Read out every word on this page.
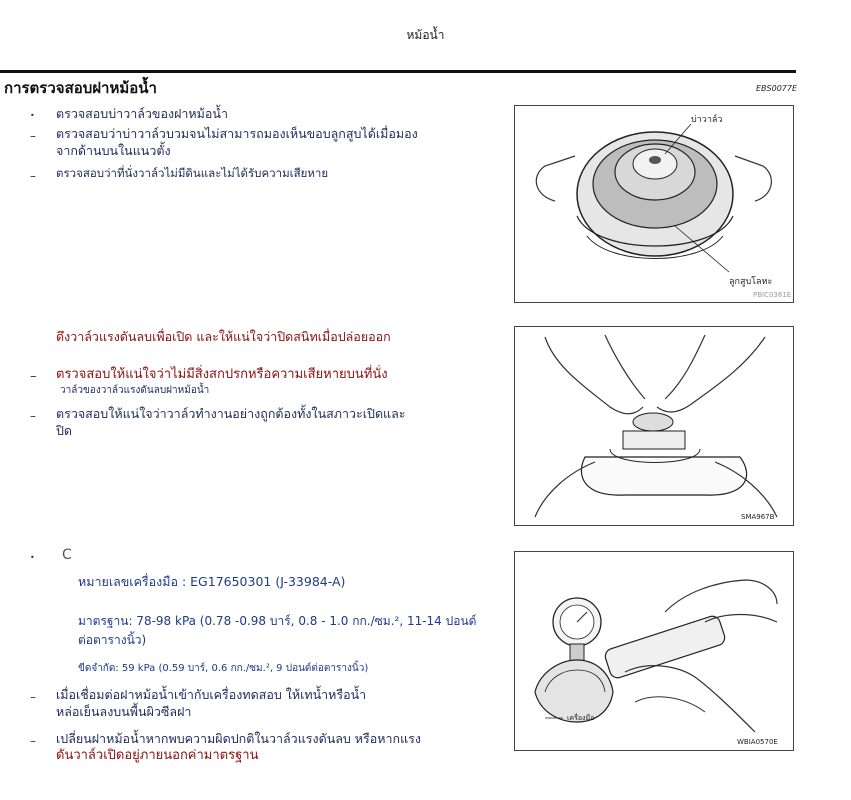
หม้อน้ำ
การตรวจสอบฝาหม้อน้ำ	EBS0077E
• ตรวจสอบบ่าวาล์วของฝาหม้อน้ำ
– ตรวจสอบว่าบ่าวาล์วบวมจนไม่สามารถมองเห็นขอบลูกสูบได้เมื่อมอง
จากด้านบนในแนวตั้ง
– ตรวจสอบว่าที่นั่งวาล์วไม่มีดินและไม่ได้รับความเสียหาย
บ่าวาล์ว
ลูกสูบโลหะ
PBIC0361E
ดึงวาล์วแรงดันลบเพื่อเปิด และให้แน่ใจว่าปิดสนิทเมื่อปล่อยออก
– ตรวจสอบให้แน่ใจว่าไม่มีสิ่งสกปรกหรือความเสียหายบนที่นั่ง
วาล์วของวาล์วแรงดันลบฝาหม้อน้ำ
– ตรวจสอบให้แน่ใจว่าวาล์วทำงานอย่างถูกต้องทั้งในสภาวะเปิดและ
ปิด
SMA967B
• C
หมายเลขเครื่องมือ : EG17650301 (J-33984-A)
มาตรฐาน: 78-98 kPa (0.78 -0.98 บาร์, 0.8 - 1.0 กก./ซม.², 11-14 ปอนด์
ต่อตารางนิ้ว)
ขีดจำกัด: 59 kPa (0.59 บาร์, 0.6 กก./ซม.², 9 ปอนด์ต่อตารางนิ้ว)
– เมื่อเชื่อมต่อฝาหม้อน้ำเข้ากับเครื่องทดสอบ ให้เทน้ำหรือน้ำ
หล่อเย็นลงบนพื้นผิวซีลฝา
– เปลี่ยนฝาหม้อน้ำหากพบความผิดปกติในวาล์วแรงดันลบ หรือหากแรง
ดันวาล์วเปิดอยู่ภายนอกค่ามาตรฐาน
เครื่องมือ
WBIA0570E
